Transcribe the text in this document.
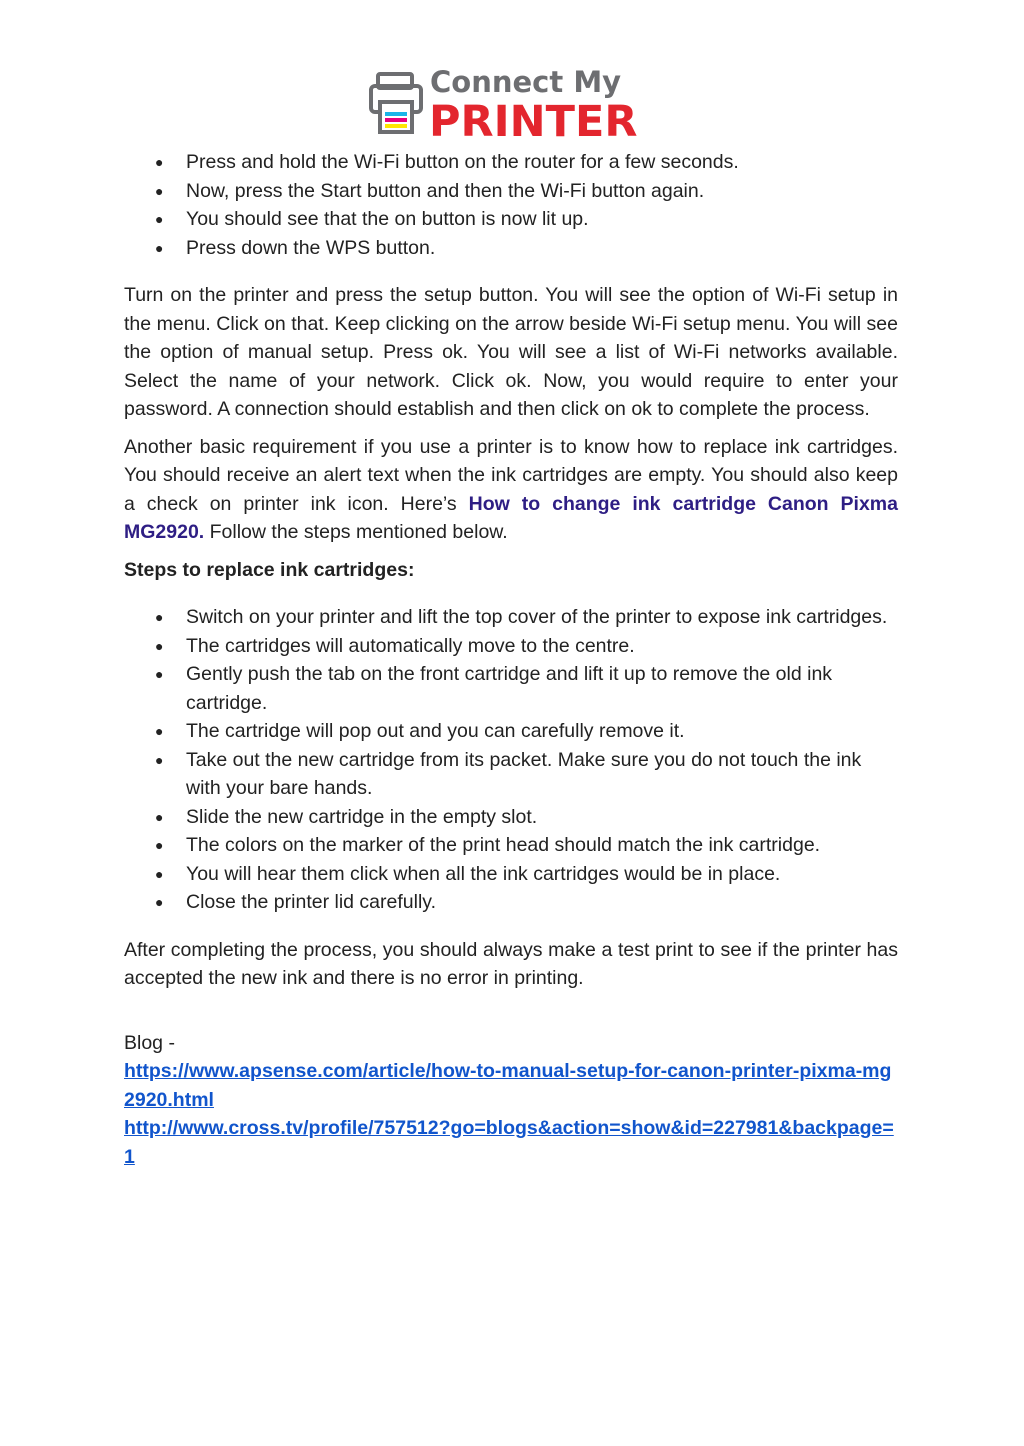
Connect My
PRINTER
● Press and hold the Wi-Fi button on the router for a few seconds.
● Now, press the Start button and then the Wi-Fi button again.
● You should see that the on button is now lit up.
● Press down the WPS button.

Turn on the printer and press the setup button. You will see the option of Wi-Fi setup in the menu. Click on that. Keep clicking on the arrow beside Wi-Fi setup menu. You will see the option of manual setup. Press ok. You will see a list of Wi-Fi networks available. Select the name of your network. Click ok. Now, you would require to enter your password. A connection should establish and then click on ok to complete the process.

Another basic requirement if you use a printer is to know how to replace ink cartridges. You should receive an alert text when the ink cartridges are empty. You should also keep a check on printer ink icon. Here’s How to change ink cartridge Canon Pixma MG2920. Follow the steps mentioned below.

Steps to replace ink cartridges:

● Switch on your printer and lift the top cover of the printer to expose ink cartridges.
● The cartridges will automatically move to the centre.
● Gently push the tab on the front cartridge and lift it up to remove the old ink cartridge.
● The cartridge will pop out and you can carefully remove it.
● Take out the new cartridge from its packet. Make sure you do not touch the ink with your bare hands.
● Slide the new cartridge in the empty slot.
● The colors on the marker of the print head should match the ink cartridge.
● You will hear them click when all the ink cartridges would be in place.
● Close the printer lid carefully.

After completing the process, you should always make a test print to see if the printer has accepted the new ink and there is no error in printing.

Blog -

https://www.apsense.com/article/how-to-manual-setup-for-canon-printer-pixma-mg2920.html
http://www.cross.tv/profile/757512?go=blogs&action=show&id=227981&backpage=1
